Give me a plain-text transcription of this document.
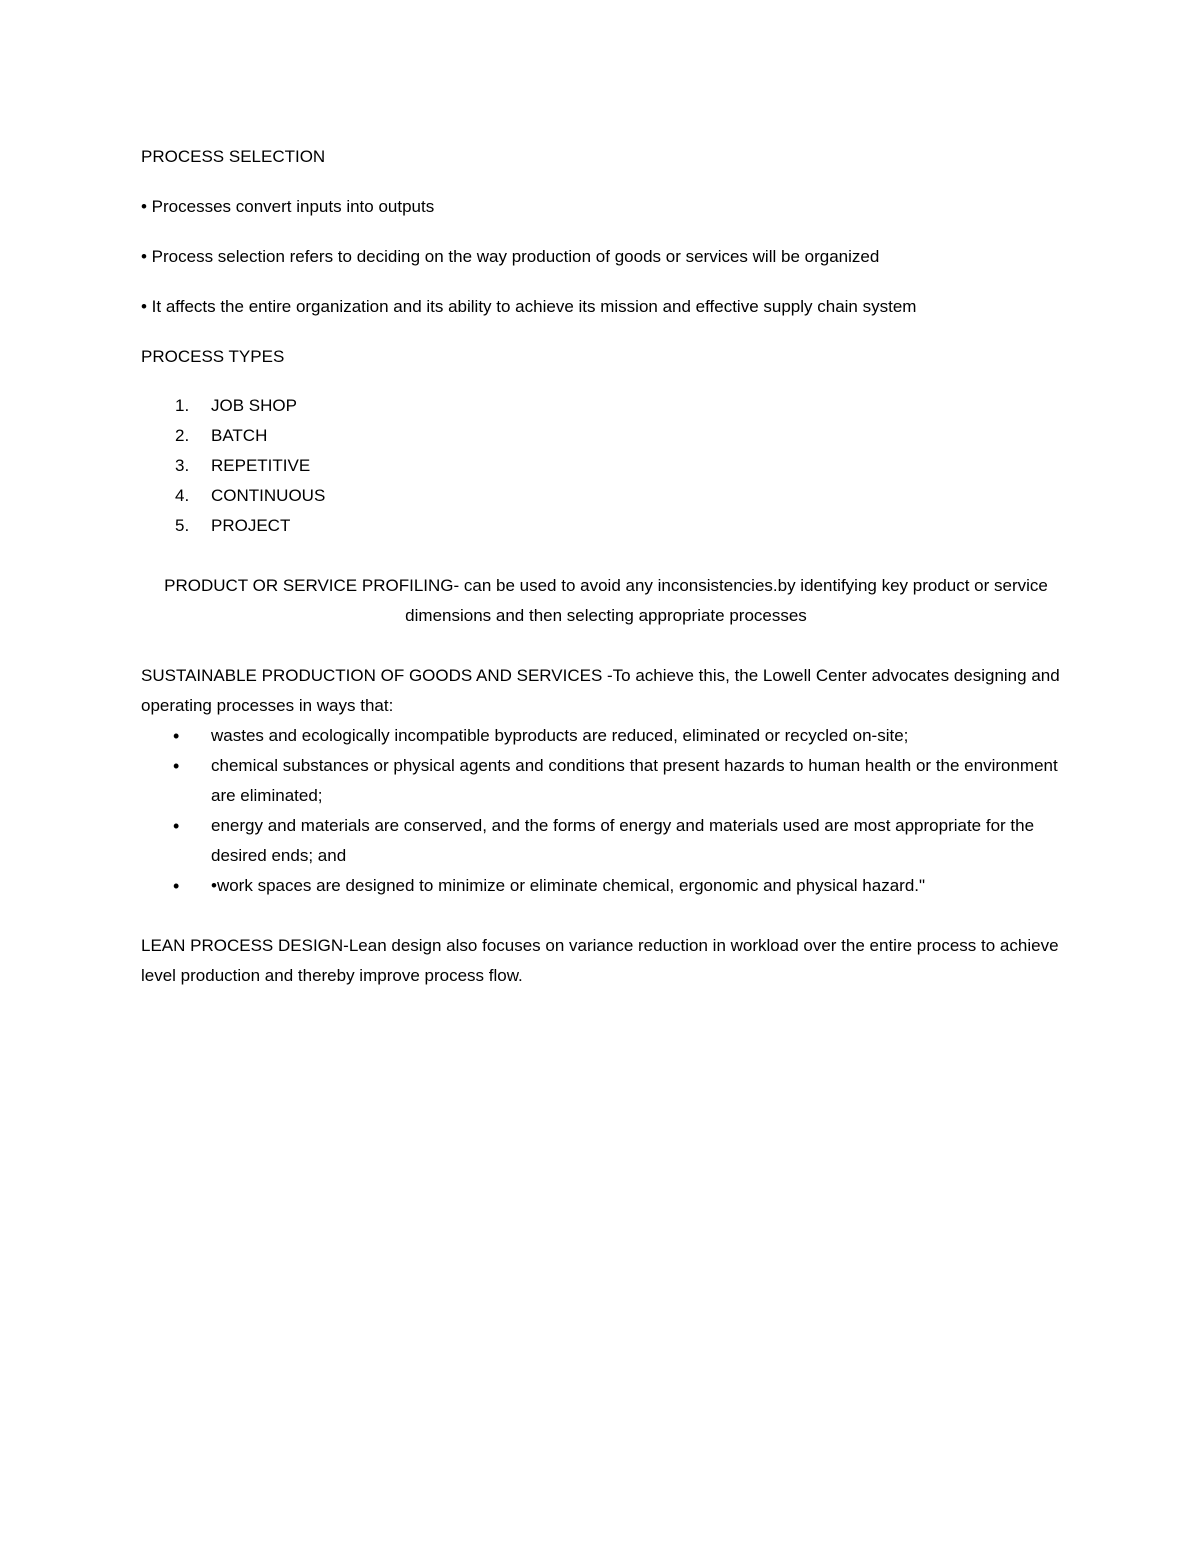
PROCESS SELECTION

• Processes convert inputs into outputs

• Process selection refers to deciding on the way production of goods or services will be organized

• It affects the entire organization and its ability to achieve its mission and effective supply chain system

PROCESS TYPES

1.	JOB SHOP
2.	BATCH
3.	REPETITIVE
4.	CONTINUOUS
5.	PROJECT

PRODUCT OR SERVICE PROFILING- can be used to avoid any inconsistencies.by identifying key product or service dimensions and then selecting appropriate processes

SUSTAINABLE PRODUCTION OF GOODS AND SERVICES -To achieve this, the Lowell Center advocates designing and operating processes in ways that:

• wastes and ecologically incompatible byproducts are reduced, eliminated or recycled on-site;
• chemical substances or physical agents and conditions that present hazards to human health or the environment are eliminated;
• energy and materials are conserved, and the forms of energy and materials used are most appropriate for the desired ends; and
• •work spaces are designed to minimize or eliminate chemical, ergonomic and physical hazard."

LEAN PROCESS DESIGN-Lean design also focuses on variance reduction in workload over the entire process to achieve level production and thereby improve process flow.
